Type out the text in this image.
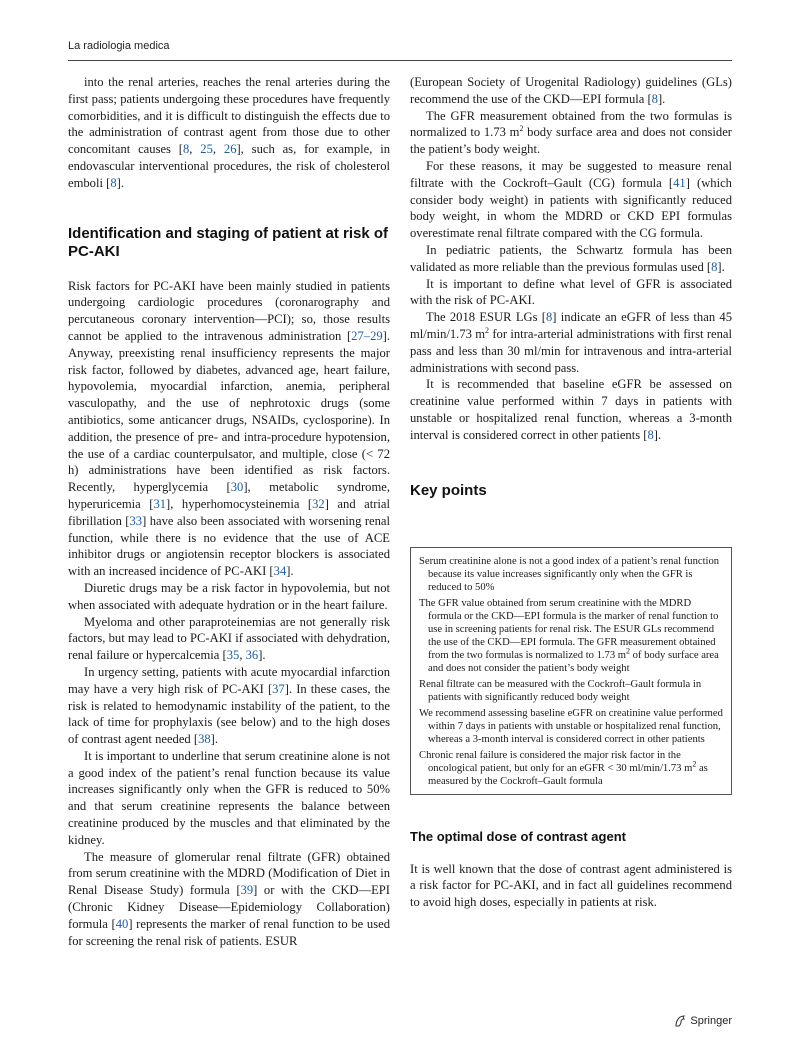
La radiologia medica

into the renal arteries, reaches the renal arteries during the first pass; patients undergoing these procedures have frequently comorbidities, and it is difficult to distinguish the effects due to the administration of contrast agent from those due to other concomitant causes [8, 25, 26], such as, for example, in endovascular interventional procedures, the risk of cholesterol emboli [8].

Identification and staging of patient at risk of PC-AKI

Risk factors for PC-AKI have been mainly studied in patients undergoing cardiologic procedures (coronarography and percutaneous coronary intervention—PCI); so, those results cannot be applied to the intravenous administration [27–29]. Anyway, preexisting renal insufficiency represents the major risk factor, followed by diabetes, advanced age, heart failure, hypovolemia, myocardial infarction, anemia, peripheral vasculopathy, and the use of nephrotoxic drugs (some antibiotics, some anticancer drugs, NSAIDs, cyclosporine). In addition, the presence of pre- and intra-procedure hypotension, the use of a cardiac counterpulsator, and multiple, close (< 72 h) administrations have been identified as risk factors. Recently, hyperglycemia [30], metabolic syndrome, hyperuricemia [31], hyperhomocysteinemia [32] and atrial fibrillation [33] have also been associated with worsening renal function, while there is no evidence that the use of ACE inhibitor drugs or angiotensin receptor blockers is associated with an increased incidence of PC-AKI [34].

Diuretic drugs may be a risk factor in hypovolemia, but not when associated with adequate hydration or in the heart failure.

Myeloma and other paraproteinemias are not generally risk factors, but may lead to PC-AKI if associated with dehydration, renal failure or hypercalcemia [35, 36].

In urgency setting, patients with acute myocardial infarction may have a very high risk of PC-AKI [37]. In these cases, the risk is related to hemodynamic instability of the patient, to the lack of time for prophylaxis (see below) and to the high doses of contrast agent needed [38].

It is important to underline that serum creatinine alone is not a good index of the patient’s renal function because its value increases significantly only when the GFR is reduced to 50% and that serum creatinine represents the balance between creatinine produced by the muscles and that eliminated by the kidney.

The measure of glomerular renal filtrate (GFR) obtained from serum creatinine with the MDRD (Modification of Diet in Renal Disease Study) formula [39] or with the CKD—EPI (Chronic Kidney Disease—Epidemiology Collaboration) formula [40] represents the marker of renal function to be used for screening the renal risk of patients. ESUR

(European Society of Urogenital Radiology) guidelines (GLs) recommend the use of the CKD—EPI formula [8].

The GFR measurement obtained from the two formulas is normalized to 1.73 $m^2$ body surface area and does not consider the patient’s body weight.

For these reasons, it may be suggested to measure renal filtrate with the Cockroft–Gault (CG) formula [41] (which consider body weight) in patients with significantly reduced body weight, in whom the MDRD or CKD EPI formulas overestimate renal filtrate compared with the CG formula.

In pediatric patients, the Schwartz formula has been validated as more reliable than the previous formulas used [8].

It is important to define what level of GFR is associated with the risk of PC-AKI.

The 2018 ESUR LGs [8] indicate an eGFR of less than 45 ml/min/1.73 $m^2$ for intra-arterial administrations with first renal pass and less than 30 ml/min for intravenous and intra-arterial administrations with second pass.

It is recommended that baseline eGFR be assessed on creatinine value performed within 7 days in patients with unstable or hospitalized renal function, whereas a 3-month interval is considered correct in other patients [8].

Key points
Serum creatinine alone is not a good index of a patient’s renal function because its value increases significantly only when the GFR is reduced to 50%
The GFR value obtained from serum creatinine with the MDRD formula or the CKD—EPI formula is the marker of renal function to use in screening patients for renal risk. The ESUR GLs recommend the use of the CKD—EPI formula. The GFR measurement obtained from the two formulas is normalized to 1.73 $m^2$ of body surface area and does not consider the patient’s body weight
Renal filtrate can be measured with the Cockroft–Gault formula in patients with significantly reduced body weight
We recommend assessing baseline eGFR on creatinine value performed within 7 days in patients with unstable or hospitalized renal function, whereas a 3-month interval is considered correct in other patients
Chronic renal failure is considered the major risk factor in the oncological patient, but only for an eGFR < 30 ml/min/1.73 $m^2$ as measured by the Cockroft–Gault formula
The optimal dose of contrast agent

It is well known that the dose of contrast agent administered is a risk factor for PC-AKI, and in fact all guidelines recommend to avoid high doses, especially in patients at risk.

Springer
